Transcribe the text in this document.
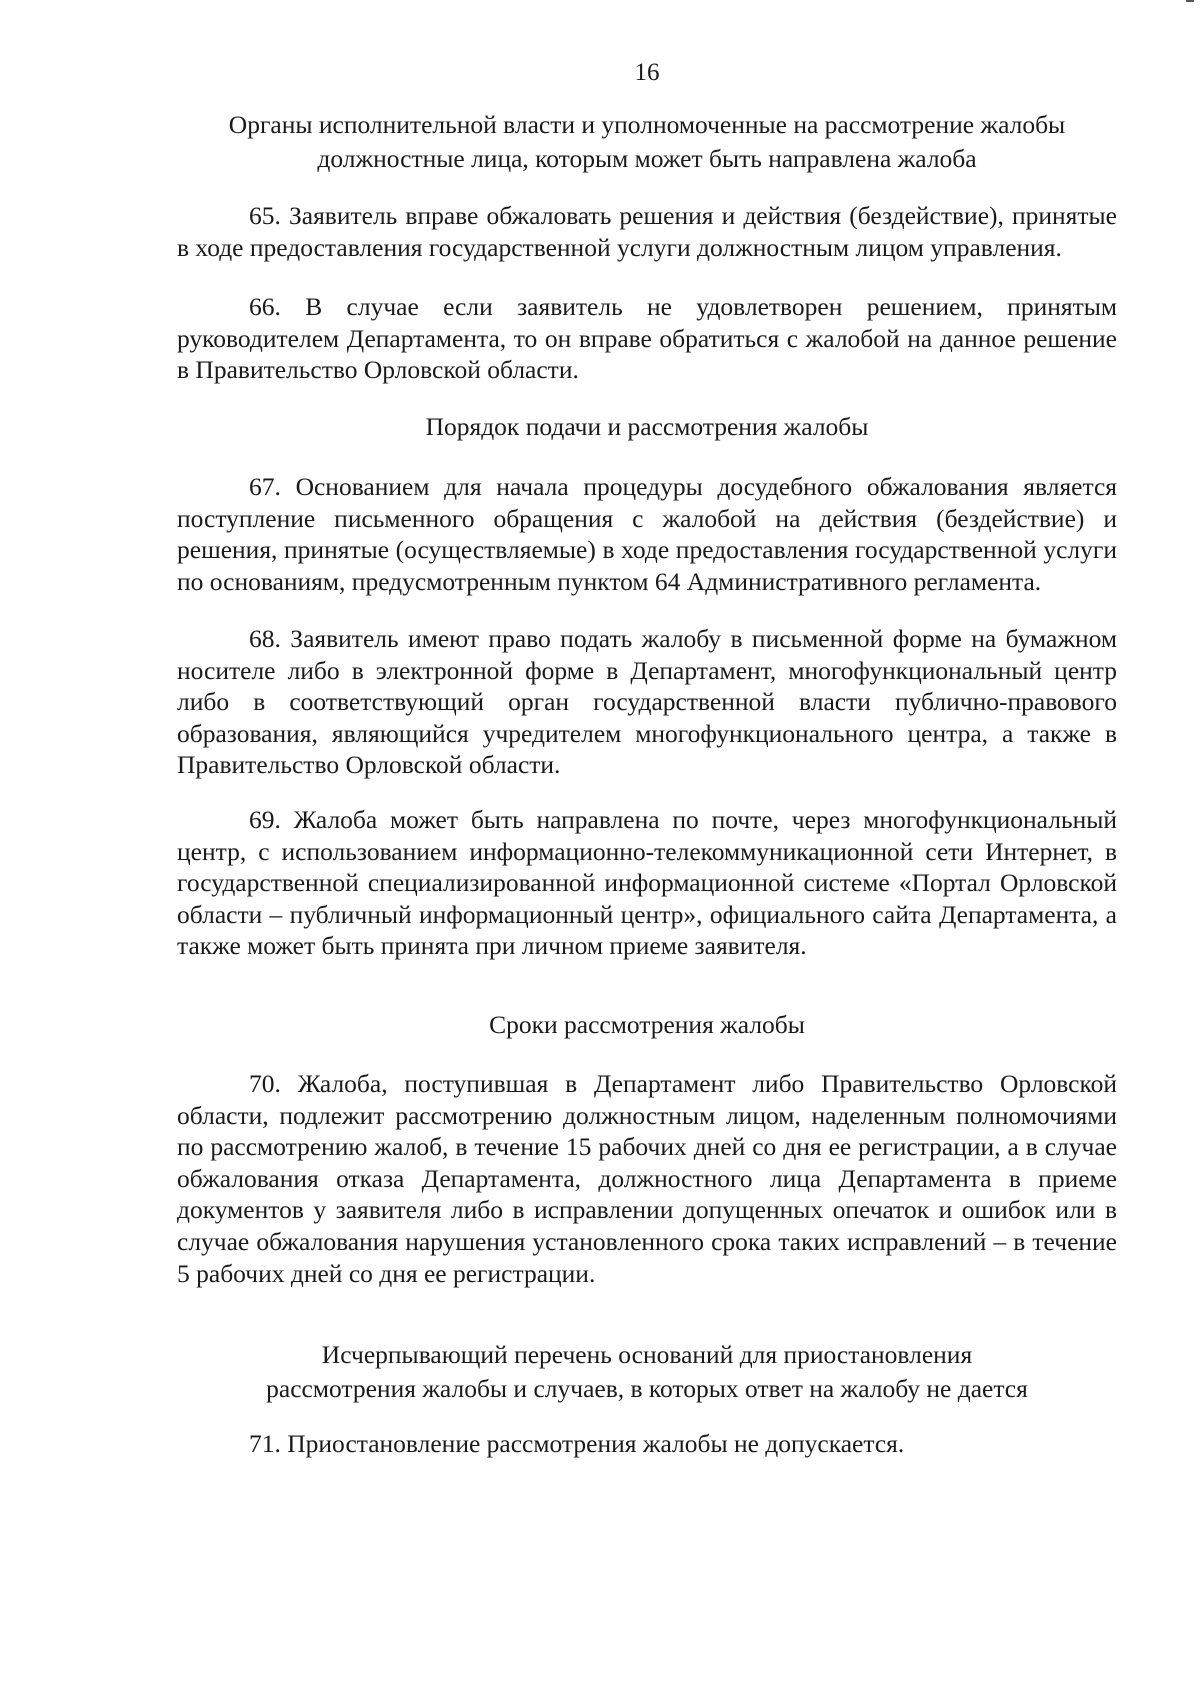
16
Органы исполнительной власти и уполномоченные на рассмотрение жалобы
должностные лица, которым может быть направлена жалоба

65. Заявитель вправе обжаловать решения и действия (бездействие), принятые в ходе предоставления государственной услуги должностным лицом управления.

66. В случае если заявитель не удовлетворен решением, принятым руководителем Департамента, то он вправе обратиться с жалобой на данное решение в Правительство Орловской области.

Порядок подачи и рассмотрения жалобы

67. Основанием для начала процедуры досудебного обжалования является поступление письменного обращения с жалобой на действия (бездействие) и решения, принятые (осуществляемые) в ходе предоставления государственной услуги по основаниям, предусмотренным пунктом 64 Административного регламента.

68. Заявитель имеют право подать жалобу в письменной форме на бумажном носителе либо в электронной форме в Департамент, многофункциональный центр либо в соответствующий орган государственной власти публично-правового образования, являющийся учредителем многофункционального центра, а также в Правительство Орловской области.

69. Жалоба может быть направлена по почте, через многофункциональный центр, с использованием информационно-телекоммуникационной сети Интернет, в государственной специализированной информационной системе «Портал Орловской области – публичный информационный центр», официального сайта Департамента, а также может быть принята при личном приеме заявителя.

Сроки рассмотрения жалобы

70. Жалоба, поступившая в Департамент либо Правительство Орловской области, подлежит рассмотрению должностным лицом, наделенным полномочиями по рассмотрению жалоб, в течение 15 рабочих дней со дня ее регистрации, а в случае обжалования отказа Департамента, должностного лица Департамента в приеме документов у заявителя либо в исправлении допущенных опечаток и ошибок или в случае обжалования нарушения установленного срока таких исправлений – в течение 5 рабочих дней со дня ее регистрации.

Исчерпывающий перечень оснований для приостановления
рассмотрения жалобы и случаев, в которых ответ на жалобу не дается

71. Приостановление рассмотрения жалобы не допускается.
